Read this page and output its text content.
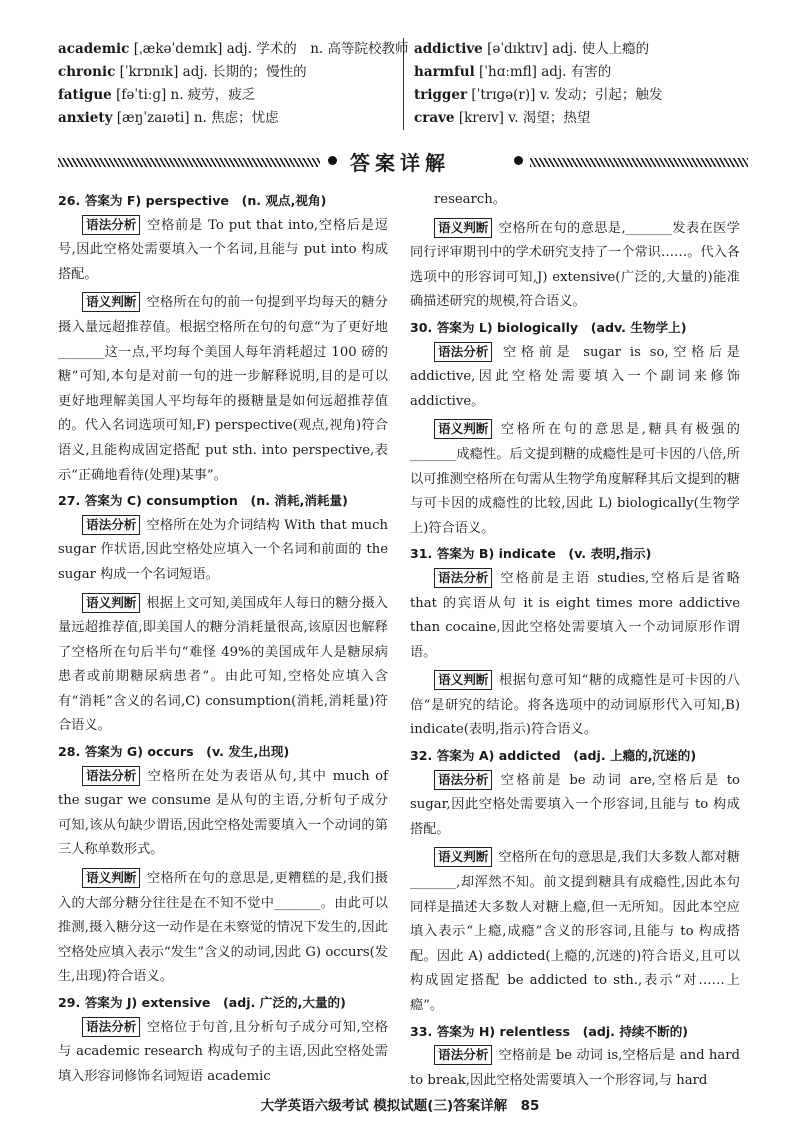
academic [ˌækəˈdemɪk] adj. 学术的　n. 高等院校教师
chronic [ˈkrɒnɪk] adj. 长期的；慢性的
fatigue [fəˈtiːɡ] n. 疲劳，疲乏
anxiety [æŋˈzaɪəti] n. 焦虑；忧虑
addictive [əˈdɪktɪv] adj. 使人上瘾的
harmful [ˈhɑːmfl] adj. 有害的
trigger [ˈtrɪɡə(r)] v. 发动；引起；触发
crave [kreɪv] v. 渴望；热望
答案详解
26. 答案为 F) perspective　(n. 观点,视角)
语法分析 空格前是 To put that into,空格后是逗号,因此空格处需要填入一个名词,且能与 put into 构成搭配。
语义判断 空格所在句的前一句提到平均每天的糖分摄入量远超推荐值。根据空格所在句的句意“为了更好地_______这一点,平均每个美国人每年消耗超过 100 磅的糖”可知,本句是对前一句的进一步解释说明,目的是可以更好地理解美国人平均每年的摄糖量是如何远超推荐值的。代入名词选项可知,F) perspective(观点,视角)符合语义,且能构成固定搭配 put sth. into perspective,表示“正确地看待(处理)某事”。
27. 答案为 C) consumption　(n. 消耗,消耗量)
语法分析 空格所在处为介词结构 With that much sugar 作状语,因此空格处应填入一个名词和前面的 the sugar 构成一个名词短语。
语义判断 根据上文可知,美国成年人每日的糖分摄入量远超推荐值,即美国人的糖分消耗量很高,该原因也解释了空格所在句后半句“难怪 49%的美国成年人是糖尿病患者或前期糖尿病患者”。由此可知,空格处应填入含有“消耗”含义的名词,C) consumption(消耗,消耗量)符合语义。
28. 答案为 G) occurs　(v. 发生,出现)
语法分析 空格所在处为表语从句,其中 much of the sugar we consume 是从句的主语,分析句子成分可知,该从句缺少谓语,因此空格处需要填入一个动词的第三人称单数形式。
语义判断 空格所在句的意思是,更糟糕的是,我们摄入的大部分糖分往往是在不知不觉中_______。由此可以推测,摄入糖分这一动作是在未察觉的情况下发生的,因此空格处应填入表示“发生”含义的动词,因此 G) occurs(发生,出现)符合语义。
29. 答案为 J) extensive　(adj. 广泛的,大量的)
语法分析 空格位于句首,且分析句子成分可知,空格与 academic research 构成句子的主语,因此空格处需填入形容词修饰名词短语 academic
research。
语义判断 空格所在句的意思是,_______发表在医学同行评审期刊中的学术研究支持了一个常识……。代入各选项中的形容词可知,J) extensive(广泛的,大量的)能准确描述研究的规模,符合语义。
30. 答案为 L) biologically　(adv. 生物学上)
语法分析 空格前是 sugar is so,空格后是 addictive,因此空格处需要填入一个副词来修饰 addictive。
语义判断 空格所在句的意思是,糖具有极强的_______成瘾性。后文提到糖的成瘾性是可卡因的八倍,所以可推测空格所在句需从生物学角度解释其后文提到的糖与可卡因的成瘾性的比较,因此 L) biologically(生物学上)符合语义。
31. 答案为 B) indicate　(v. 表明,指示)
语法分析 空格前是主语 studies,空格后是省略 that 的宾语从句 it is eight times more addictive than cocaine,因此空格处需要填入一个动词原形作谓语。
语义判断 根据句意可知“糖的成瘾性是可卡因的八倍”是研究的结论。将各选项中的动词原形代入可知,B) indicate(表明,指示)符合语义。
32. 答案为 A) addicted　(adj. 上瘾的,沉迷的)
语法分析 空格前是 be 动词 are,空格后是 to sugar,因此空格处需要填入一个形容词,且能与 to 构成搭配。
语义判断 空格所在句的意思是,我们大多数人都对糖_______,却浑然不知。前文提到糖具有成瘾性,因此本句同样是描述大多数人对糖上瘾,但一无所知。因此本空应填入表示“上瘾,成瘾”含义的形容词,且能与 to 构成搭配。因此 A) addicted(上瘾的,沉迷的)符合语义,且可以构成固定搭配 be addicted to sth.,表示“对……上瘾”。
33. 答案为 H) relentless　(adj. 持续不断的)
语法分析 空格前是 be 动词 is,空格后是 and hard to break,因此空格处需要填入一个形容词,与 hard
大学英语六级考试 模拟试题(三)答案详解　85
